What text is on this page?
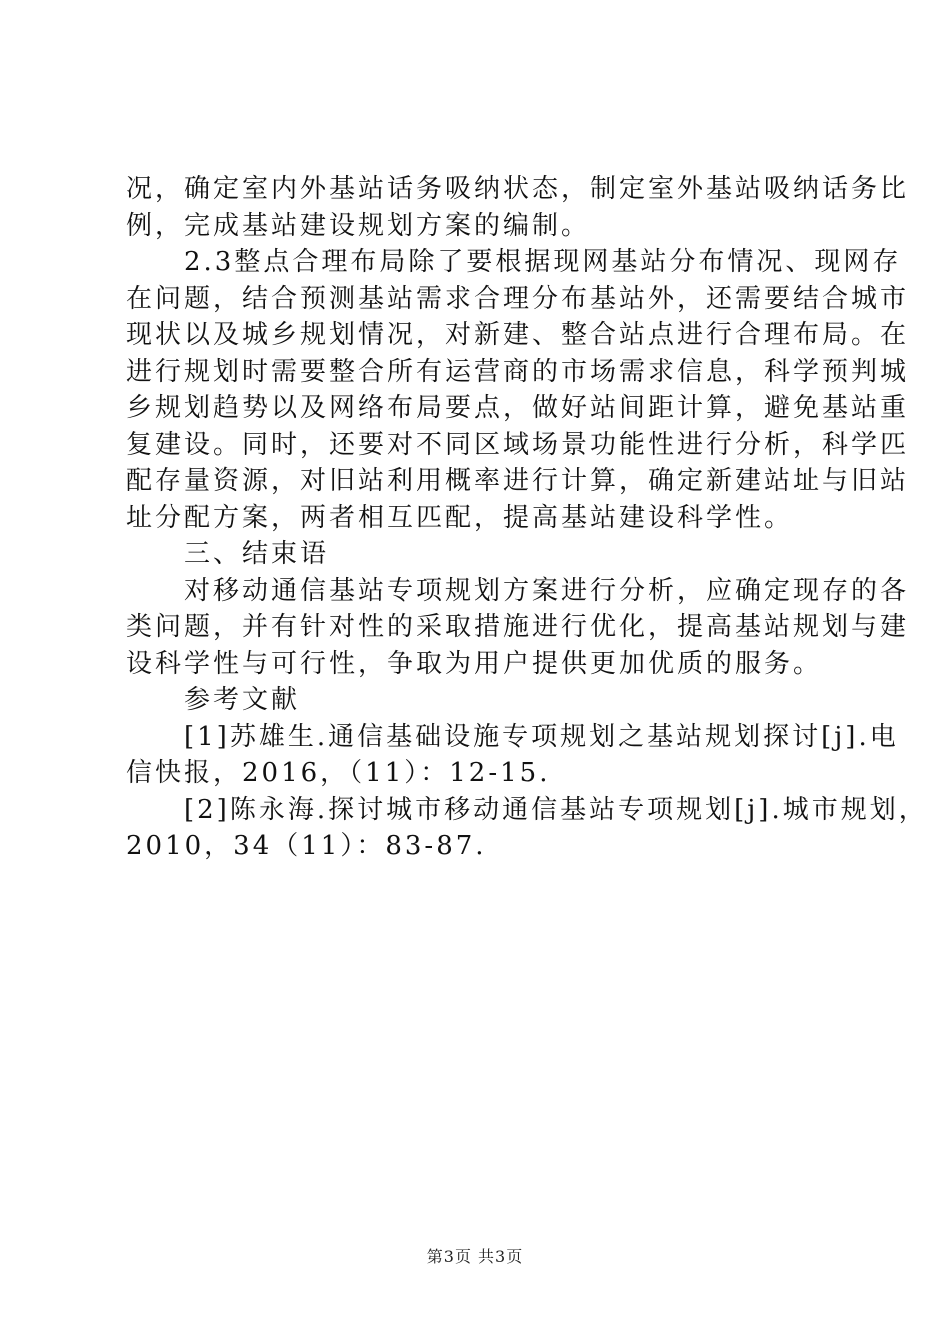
况，确定室内外基站话务吸纳状态，制定室外基站吸纳话务比
例，完成基站建设规划方案的编制。
2.3整点合理布局除了要根据现网基站分布情况、现网存
在问题，结合预测基站需求合理分布基站外，还需要结合城市
现状以及城乡规划情况，对新建、整合站点进行合理布局。在
进行规划时需要整合所有运营商的市场需求信息，科学预判城
乡规划趋势以及网络布局要点，做好站间距计算，避免基站重
复建设。同时，还要对不同区域场景功能性进行分析，科学匹
配存量资源，对旧站利用概率进行计算，确定新建站址与旧站
址分配方案，两者相互匹配，提高基站建设科学性。
三、结束语
对移动通信基站专项规划方案进行分析，应确定现存的各
类问题，并有针对性的采取措施进行优化，提高基站规划与建
设科学性与可行性，争取为用户提供更加优质的服务。
参考文献
[1]苏雄生.通信基础设施专项规划之基站规划探讨[j].电
信快报，2016，（11）：12-15.
[2]陈永海.探讨城市移动通信基站专项规划[j].城市规划，
2010，34（11）：83-87.
第3页 共3页
